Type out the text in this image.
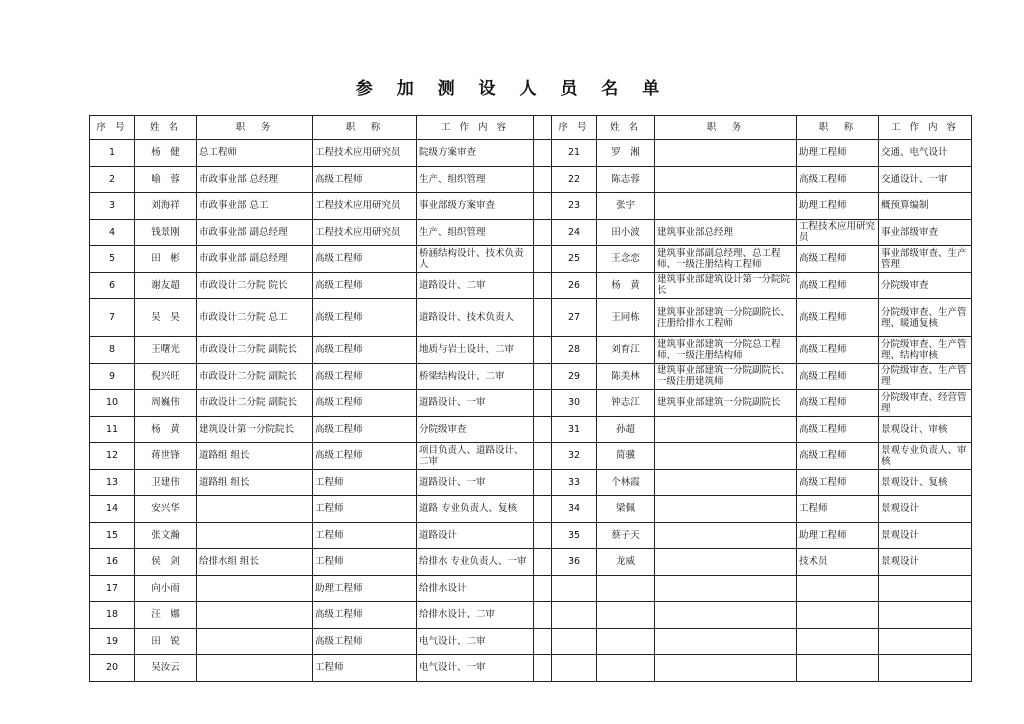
参 加 测 设 人 员 名 单
序 号	姓 名	职　务	职　称	工 作 内 容		序 号	姓 名	职　务	职　称	工 作 内 容
1	杨　健	总工程师	工程技术应用研究员	院级方案审查		21	罗　湘		助理工程师	交通、电气设计
2	喻　蓉	市政事业部 总经理	高级工程师	生产、组织管理		22	陈志蓉		高级工程师	交通设计、一审
3	刘海祥	市政事业部 总工	工程技术应用研究员	事业部级方案审查		23	张宇		助理工程师	概预算编制
4	钱景刚	市政事业部 副总经理	工程技术应用研究员	生产、组织管理		24	田小波	建筑事业部总经理	工程技术应用研究员	事业部级审查
5	田　彬	市政事业部 副总经理	高级工程师	桥涵结构设计、技术负责人		25	王念恋	建筑事业部副总经理、总工程师、一级注册结构工程师	高级工程师	事业部级审查、生产管理
6	谢友超	市政设计二分院 院长	高级工程师	道路设计、二审		26	杨　黄	建筑事业部建筑设计第一分院院长	高级工程师	分院级审查
7	吴　昊	市政设计二分院 总工	高级工程师	道路设计、技术负责人		27	王同栋	建筑事业部建筑一分院副院长、注册给排水工程师	高级工程师	分院级审查、生产管理、暖通复核
8	王曙光	市政设计二分院 副院长	高级工程师	地质与岩土设计、二审		28	刘育江	建筑事业部建筑一分院总工程师、一级注册结构师	高级工程师	分院级审查、生产管理、结构审核
9	倪兴旺	市政设计二分院 副院长	高级工程师	桥梁结构设计、二审		29	陈美林	建筑事业部建筑一分院副院长、一级注册建筑师	高级工程师	分院级审查、生产管理
10	周巍伟	市政设计二分院 副院长	高级工程师	道路设计、一审		30	钟志江	建筑事业部建筑一分院副院长	高级工程师	分院级审查、经营管理
11	杨　黄	建筑设计第一分院院长	高级工程师	分院级审查		31	孙超		高级工程师	景观设计、审核
12	蒋世锋	道路组 组长	高级工程师	项目负责人、道路设计、二审		32	简骥		高级工程师	景观专业负责人、审核
13	卫建伟	道路组 组长	工程师	道路设计、一审		33	个林霞		高级工程师	景观设计、复核
14	安兴华		工程师	道路 专业负责人、复核		34	梁佩		工程师	景观设计
15	张文瀚		工程师	道路设计		35	蔡子天		助理工程师	景观设计
16	侯　剑	给排水组 组长	工程师	给排水 专业负责人、一审		36	龙威		技术员	景观设计
17	向小雨		助理工程师	给排水设计						
18	汪　娜		高级工程师	给排水设计、二审						
19	田　锐		高级工程师	电气设计、二审						
20	吴汝云		工程师	电气设计、一审						
